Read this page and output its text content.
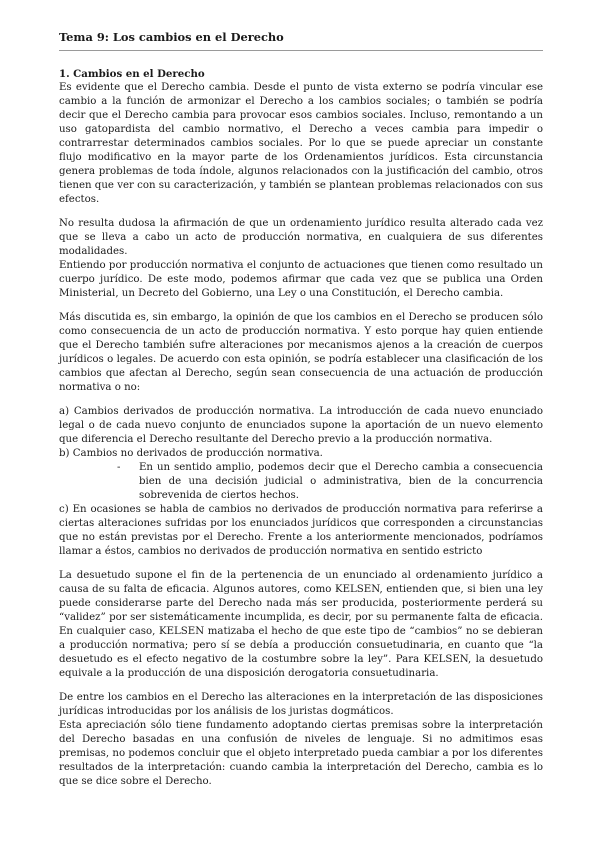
Tema 9: Los cambios en el Derecho
1. Cambios en el Derecho

Es evidente que el Derecho cambia. Desde el punto de vista externo se podría vincular ese cambio a la función de armonizar el Derecho a los cambios sociales; o también se podría decir que el Derecho cambia para provocar esos cambios sociales. Incluso, remontando a un uso gatopardista del cambio normativo, el Derecho a veces cambia para impedir o contrarrestar determinados cambios sociales. Por lo que se puede apreciar un constante flujo modificativo en la mayor parte de los Ordenamientos jurídicos. Esta circunstancia genera problemas de toda índole, algunos relacionados con la justificación del cambio, otros tienen que ver con su caracterización, y también se plantean problemas relacionados con sus efectos.

No resulta dudosa la afirmación de que un ordenamiento jurídico resulta alterado cada vez que se lleva a cabo un acto de producción normativa, en cualquiera de sus diferentes modalidades.

Entiendo por producción normativa el conjunto de actuaciones que tienen como resultado un cuerpo jurídico. De este modo, podemos afirmar que cada vez que se publica una Orden Ministerial, un Decreto del Gobierno, una Ley o una Constitución, el Derecho cambia.

Más discutida es, sin embargo, la opinión de que los cambios en el Derecho se producen sólo como consecuencia de un acto de producción normativa. Y esto porque hay quien entiende que el Derecho también sufre alteraciones por mecanismos ajenos a la creación de cuerpos jurídicos o legales. De acuerdo con esta opinión, se podría establecer una clasificación de los cambios que afectan al Derecho, según sean consecuencia de una actuación de producción normativa o no:

a) Cambios derivados de producción normativa. La introducción de cada nuevo enunciado legal o de cada nuevo conjunto de enunciados supone la aportación de un nuevo elemento que diferencia el Derecho resultante del Derecho previo a la producción normativa.

b) Cambios no derivados de producción normativa.

- En un sentido amplio, podemos decir que el Derecho cambia a consecuencia bien de una decisión judicial o administrativa, bien de la concurrencia sobrevenida de ciertos hechos.

c) En ocasiones se habla de cambios no derivados de producción normativa para referirse a ciertas alteraciones sufridas por los enunciados jurídicos que corresponden a circunstancias que no están previstas por el Derecho. Frente a los anteriormente mencionados, podríamos llamar a éstos, cambios no derivados de producción normativa en sentido estricto

La desuetudo supone el fin de la pertenencia de un enunciado al ordenamiento jurídico a causa de su falta de eficacia. Algunos autores, como KELSEN, entienden que, si bien una ley puede considerarse parte del Derecho nada más ser producida, posteriormente perderá su “validez” por ser sistemáticamente incumplida, es decir, por su permanente falta de eficacia. En cualquier caso, KELSEN matizaba el hecho de que este tipo de “cambios” no se debieran a producción normativa; pero sí se debía a producción consuetudinaria, en cuanto que “la desuetudo es el efecto negativo de la costumbre sobre la ley”. Para KELSEN, la desuetudo equivale a la producción de una disposición derogatoria consuetudinaria.

De entre los cambios en el Derecho las alteraciones en la interpretación de las disposiciones jurídicas introducidas por los análisis de los juristas dogmáticos.

Esta apreciación sólo tiene fundamento adoptando ciertas premisas sobre la interpretación del Derecho basadas en una confusión de niveles de lenguaje. Si no admitimos esas premisas, no podemos concluir que el objeto interpretado pueda cambiar a por los diferentes resultados de la interpretación: cuando cambia la interpretación del Derecho, cambia es lo que se dice sobre el Derecho.
